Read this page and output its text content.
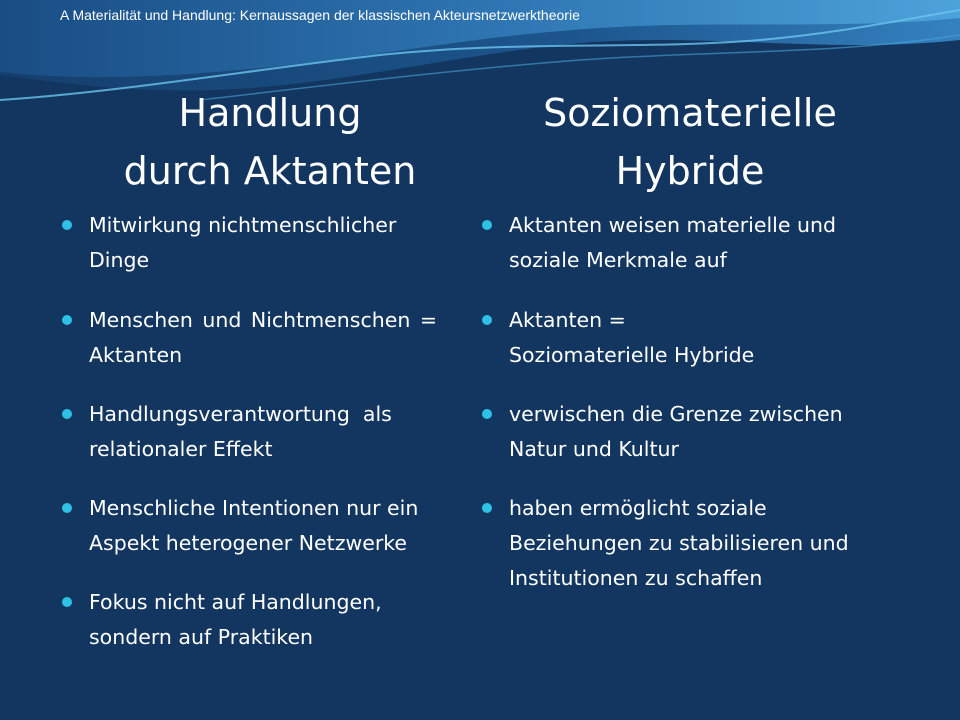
A Materialität und Handlung: Kernaussagen der klassischen Akteursnetzwerktheorie
Handlung
durch Aktanten
Mitwirkung nichtmenschlicher
Dinge
Menschen und Nichtmenschen =
Aktanten
Handlungsverantwortung  als
relationaler Effekt
Menschliche Intentionen nur ein
Aspekt heterogener Netzwerke
Fokus nicht auf Handlungen,
sondern auf Praktiken
Soziomaterielle
Hybride
Aktanten weisen materielle und
soziale Merkmale auf
Aktanten =
Soziomaterielle Hybride
verwischen die Grenze zwischen
Natur und Kultur
haben ermöglicht soziale
Beziehungen zu stabilisieren und
Institutionen zu schaffen
